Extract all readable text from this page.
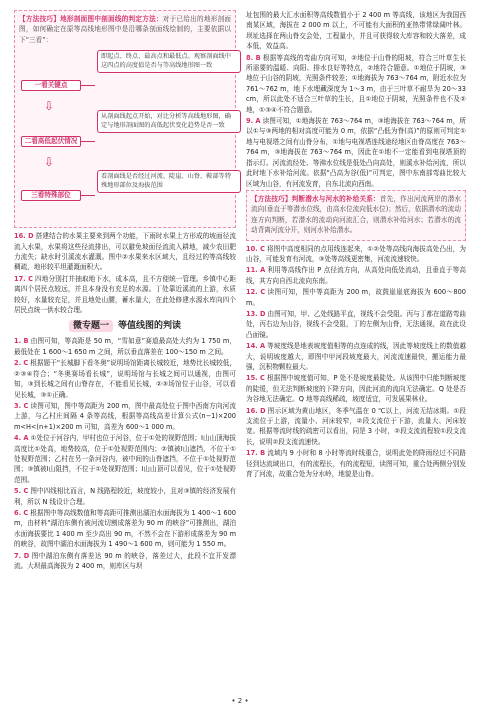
【方法技巧】地形剖面图中剖面线的判定方法：对于已给出的地形剖面图，如何确定在原等高线地形图中是沿哪条剖面线绘制的，主要依据以下“三看”：

一看关键点
即起点、终点、最高点和最低点。观察剖面线中这四点的高度值是否与等高线地形图一致
⇩
二看高低起伏情况
从剖面线起点开始，对比分析等高线地形图，确定与地形剖面图的高低起伏变化趋势是否一致
⇩
三看特殊部位
看剖面线是否经过河流、陡崖、山脊、鞍部等特殊地形部位及海拔范围

16. D 搭建结合的水果主要来到两个功能，下雨时水果上方形成的坡面径流流入水果，水果将这些径流排出，可以避免坡面径流流入耕地，减少农田肥力流失；缺水时引溪流水灌溉。图中②水果来水区域大，且经过的等高线较稠疏，地形较平坦灌溉面积大。

17. C 四地分别打井抽取地下水，成本高，且不方便统一管理。乡镇中心距离四个居民点较远，并且本身没有充足的水源。丁处靠近溪流的上游，水质较好，水量较充足，并且地处山腰，蓄水量大，在此处修建水源水库向四个居民点统一供水较合理。

微专题一 等值线图的判读

1. B 由图可知，等高距是 50 m，“雪如意”赛道最高处大约为 1 750 m，最低处在 1 600～1 650 m 之间，所以垂直落差在 100～150 m 之间。

2. C 根据题干“长城脚下看冬奥”说明场馆距离长城较近，地势比长城较低，②③④符合；“冬奥赛场看长城”，说明场馆与长城之间可以通视，由图可知，③到长城之间有山脊存在，不能看见长城，②③场馆位于山谷，可以看见长城，③①正确。

3. C 读图可知，图中等高距为 200 m，图中最高处位于图中西南方向河流上游，与乙村庄间隔 4 条等高线，根据等高线高差计算公式(n−1)×200 m<H<(n+1)×200 m 可知，高差为 600～1 000 m。

4. A ①处位于河谷内，甲村也位于河谷，位于①处的视野范围；Ⅰ山山顶海拔高度比①处高，地势较高，位于①处视野范围内；②镇被Ⅰ山遮挡，不位于①处视野范围；乙村在另一条河谷内，被中间的山脊遮挡，不位于①处视野范围；③镇被Ⅰ山阻挡，不位于①处视野范围；Ⅰ山山顶可以看见，位于①处视野范围。

5. C 图中四线相比而言，N 线路程较近，坡度较小，且对③镇的经济发展有利，所以 N 线设计合理。

6. C 根据图中等高线数值和等高距可推测出湖泊水面海拔为 1 400～1 600 m，由材料“湖泊东侧有被河流切割成落差为 90 m 的峡谷”可推测出，湖泊水面海拔要比 1 400 m 至少高出 90 m，不然不会在下游形成落差为 90 m 的峡谷，故图中湖泊水面海拔为 1 490～1 600 m，则可能为 1 550 m。

7. D 图中湖泊东侧有落差达 90 m 的峡谷，落差过大，此段不宜开发漂流。大坝最高海拔为 2 400 m，则库区与坝

址包围的最大汇水面积等高线数值小于 2 400 m 等高线，该地区为我国西南某区域，海拔在 2 000 m 以上，不可能有大面积的亚热带常绿阔叶林。坝址选择在两山脊交会处，工程量小，并且可获得较大库容和较大落差，成本低，效益高。

8. B 根据等高线的弯曲方向可知，②地位于山脊的阳坡，符合三叶草生长所需要的温暖、向阳、排水良好等特点，②地符合题意。①地位于阴坡，③地位于山谷的阴坡，光照条件较差；①地海拔为 763～764 m，附近水位为 761～762 m，地下水埋藏深度为 1～3 m，由于三叶草不耐旱为 20～33 cm，所以此处不适合三叶草的生长，且①地位于阴坡，光照条件也不及②地，①③④不符合题意。

9. A 读图可知，①地海拔在 763～764 m，③地海拔在 763～764 m，所以①与③两地的相对高度可能为 0 m，依据“凸低为脊(高)”的原则可判定①地与电视塔之间有山脊分布，①地与电视塔连线途经地区由脊高度在 763～764 m，③地海拔在 763～764 m，因此在①地不一定能看到电视塔顶的指示灯。河流流经处、等沸水位线是低处凸向高处，则溪水补给河流，所以此时地下水补给河流。依据“凸高为谷(低)”可判定，图中东南部弯曲比较大区域为山谷，有河流发育，自东北流向西南。

【方法技巧】判断潜水与河水的补给关系：首先，作出河流两岸的潜水流向(垂直于等潜水位线，由高水位流向低水位)；然后，依据潜水的流动连方向判断，若潜水的流动向河流汇合，则潜水补给河水；若潜水的流动背离河流分开，则河水补给潜水。

10. C 将图中高度相同的点用线连起来，①②处等高线向海拔高处凸出，为山谷，可能发育有河流，③处等高线更密集，河流流速较快。

11. A 利用等高线作出 P 点径流方向，从高处向低处流动，且垂直于等高线，其方向自西北流向东南。

12. C 读图可知，图中等高距为 200 m，故鼓崖崖底海拔为 600～800 m。

13. D 由图可知，甲、乙处线路平直，视线不会受阻。丙与丁都在道路弯曲处，丙右边为山谷，视线不会受阻，丁的左侧为山脊，无法通视，故在此设凸面镜。

14. A 等坡度线是地表坡度值相等的点连成的线，因此等坡度线上的数值越大，说明坡度越大，即图中甲河段坡度最大，河流流速最快，搬运能力最强，沉积物颗粒最大。

15. C 根据图中坡度值可知，P 处不是坡度最陡处。从该图中只能判断坡度的陡缓，但无法判断坡度的下降方向，因此河流的流向无法确定。Q 处是否为谷地无法确定。Q 地等高线稀疏，坡度适宜，可发展果林业。

16. D 图示区域为黄山地区，冬季气温在 0 ℃以上，河流无结冰期。①段支流位于上游，流量小、河床较窄，②段支流位于下游，流量大、河床较宽。根据等流时线的疏密可以看出，同是 3 小时，②段支流流程较①段支流长，说明②段支流流速快。

17. B 流域内 9 小时和 8 小时等流时线重合，说明此处的降雨经过不同路径到达流域出口，有的流程长，有的流程短，读图可知，重合处两侧分别发育了河流，故重合处为分水岭，地貌是山脊。

• 2 •
